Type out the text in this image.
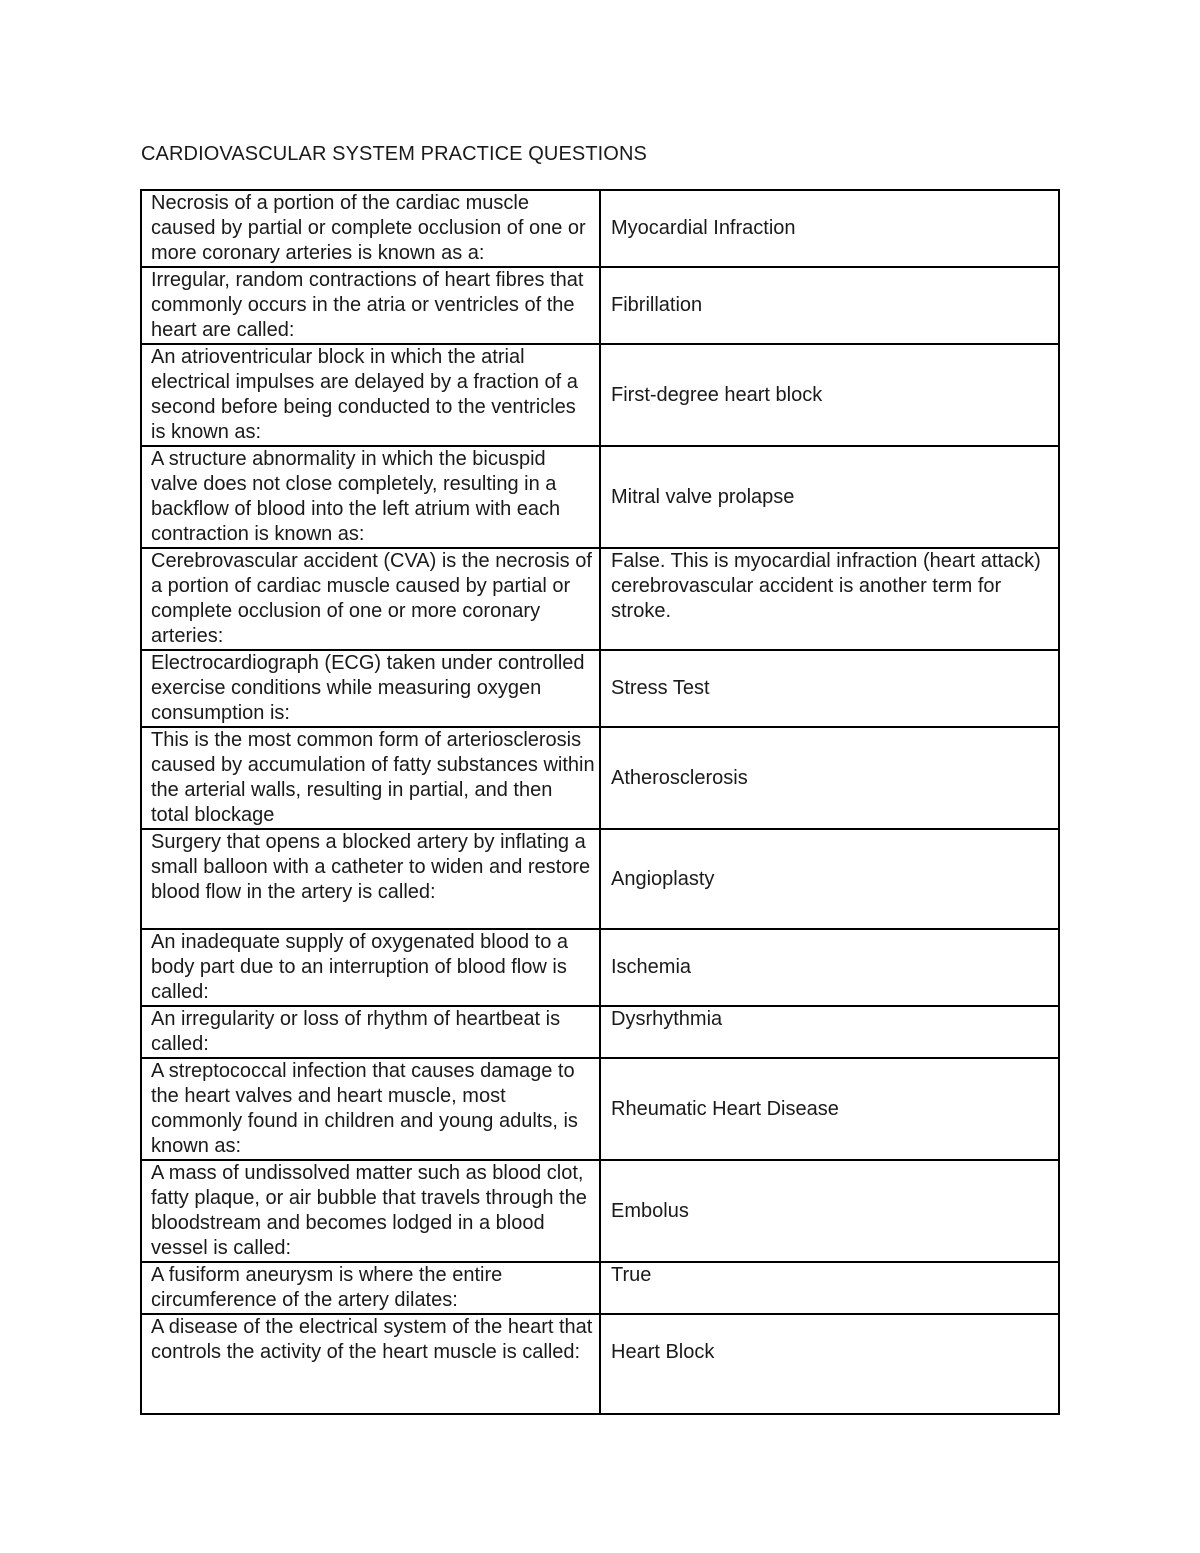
CARDIOVASCULAR SYSTEM PRACTICE QUESTIONS
Necrosis of a portion of the cardiac muscle caused by partial or complete occlusion of one or more coronary arteries is known as a:	Myocardial Infraction
Irregular, random contractions of heart fibres that commonly occurs in the atria or ventricles of the heart are called:	Fibrillation
An atrioventricular block in which the atrial electrical impulses are delayed by a fraction of a second before being conducted to the ventricles is known as:	First-degree heart block
A structure abnormality in which the bicuspid valve does not close completely, resulting in a backflow of blood into the left atrium with each contraction is known as:	Mitral valve prolapse
Cerebrovascular accident (CVA) is the necrosis of a portion of cardiac muscle caused by partial or complete occlusion of one or more coronary arteries:	False. This is myocardial infraction (heart attack) cerebrovascular accident is another term for stroke.
Electrocardiograph (ECG) taken under controlled exercise conditions while measuring oxygen consumption is:	Stress Test
This is the most common form of arteriosclerosis caused by accumulation of fatty substances within the arterial walls, resulting in partial, and then total blockage	Atherosclerosis
Surgery that opens a blocked artery by inflating a small balloon with a catheter to widen and restore blood flow in the artery is called:	Angioplasty
An inadequate supply of oxygenated blood to a body part due to an interruption of blood flow is called:	Ischemia
An irregularity or loss of rhythm of heartbeat is called:	Dysrhythmia
A streptococcal infection that causes damage to the heart valves and heart muscle, most commonly found in children and young adults, is known as:	Rheumatic Heart Disease
A mass of undissolved matter such as blood clot, fatty plaque, or air bubble that travels through the bloodstream and becomes lodged in a blood vessel is called:	Embolus
A fusiform aneurysm is where the entire circumference of the artery dilates:	True
A disease of the electrical system of the heart that controls the activity of the heart muscle is called:	Heart Block
